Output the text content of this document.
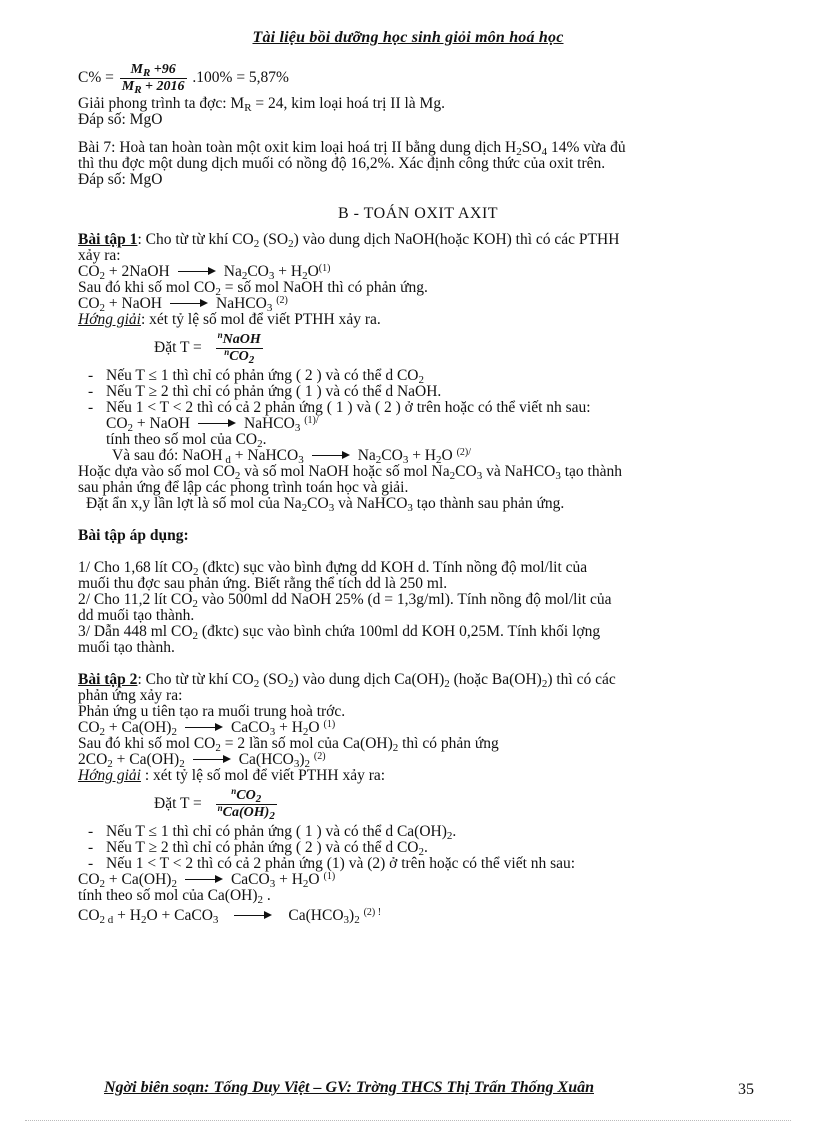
Tài liệu bồi dưỡng học sinh giỏi môn hoá học
$C\% = \frac{M_R +96}{M_R + 2016} .100\% = 5,87\%$
Giải phong trình ta đợc: $M_R = 24$, kim loại hoá trị II là Mg.
Đáp số: MgO
Bài 7: Hoà tan hoàn toàn một oxit kim loại hoá trị II bằng dung dịch $H_2SO_4$ 14% vừa đủ
thì thu đợc một dung dịch muối có nồng độ 16,2%. Xác định công thức của oxit trên.
Đáp số: MgO
B - TOÁN OXIT AXIT
Bài tập 1: Cho từ từ khí $CO_2$ $(SO_2)$ vào dung dịch NaOH(hoặc KOH) thì có các PTHH
xảy ra:
$CO_2$ + 2NaOH	$Na_2CO_3 + H_2O^{(1)}$
Sau đó khi số mol $CO_2$ = số mol NaOH thì có phản ứng.
$CO_2$ + NaOH	NaHCO$_3$ $^{(2)}$
Hớng giải: xét tỷ lệ số mol để viết PTHH xảy ra.
Đặt $T = \frac{^nNaOH}{^nCO_2}$
- Nếu T ≤ 1 thì chỉ có phản ứng ( 2 ) và có thể d $CO_2$
- Nếu T ≥ 2 thì chỉ có phản ứng ( 1 ) và có thể d NaOH.
- Nếu 1 < T < 2 thì có cả 2 phản ứng ( 1 ) và ( 2 ) ở trên hoặc có thể viết nh sau:
$CO_2$ + NaOH	NaHCO$_3$ $^{(1)/}$
tính theo số mol của $CO_2$.
Và sau đó: NaOH $_d$ + NaHCO$_3$	$Na_2CO_3 + H_2O$ $^{(2)/}$
Hoặc dựa vào số mol $CO_2$ và số mol NaOH hoặc số mol $Na_2CO_3$ và NaHCO$_3$ tạo thành
sau phản ứng để lập các phong trình toán học và giải.
Đặt ẩn x,y lần lợt là số mol của $Na_2CO_3$ và NaHCO$_3$ tạo thành sau phản ứng.
Bài tập áp dụng:
1/ Cho 1,68 lít $CO_2$ (đktc) sục vào bình đựng dd KOH d. Tính nồng độ mol/lit của
muối thu đợc sau phản ứng. Biết rằng thể tích dd là 250 ml.
2/ Cho 11,2 lít $CO_2$ vào 500ml dd NaOH 25% (d = 1,3g/ml). Tính nồng độ mol/lit của
dd muối tạo thành.
3/ Dẫn 448 ml $CO_2$ (đktc) sục vào bình chứa 100ml dd KOH 0,25M. Tính khối lợng
muối tạo thành.
Bài tập 2: Cho từ từ khí $CO_2$ $(SO_2)$ vào dung dịch $Ca(OH)_2$ (hoặc $Ba(OH)_2$) thì có các
phản ứng xảy ra:
Phản ứng u tiên tạo ra muối trung hoà trớc.
$CO_2 + Ca(OH)_2$	CaCO$_3$ + $H_2O$ $^{(1)}$
Sau đó khi số mol $CO_2 = 2$ lần số mol của $Ca(OH)_2$ thì có phản ứng
$2CO_2 + Ca(OH)_2$	$Ca(HCO_3)_2$ $^{(2)}$
Hớng giải : xét tỷ lệ số mol để viết PTHH xảy ra:
Đặt $T = \frac{^nCO_2}{^nCa(OH)_2}$
- Nếu T ≤ 1 thì chỉ có phản ứng ( 1 ) và có thể d $Ca(OH)_2$.
- Nếu T ≥ 2 thì chỉ có phản ứng ( 2 ) và có thể d $CO_2$.
- Nếu 1 < T < 2 thì có cả 2 phản ứng (1) và (2) ở trên hoặc có thể viết nh sau:
$CO_2 + Ca(OH)_2$	CaCO$_3$ + $H_2O$ $^{(1)}$
tính theo số mol của $Ca(OH)_2$ .
$CO_{2 d} + H_2O$ + CaCO$_3$	$Ca(HCO_3)_2$ $^{(2) !}$
Ngời biên soạn: Tống Duy Việt – GV: Trờng THCS Thị Trấn Thống Xuân	35
